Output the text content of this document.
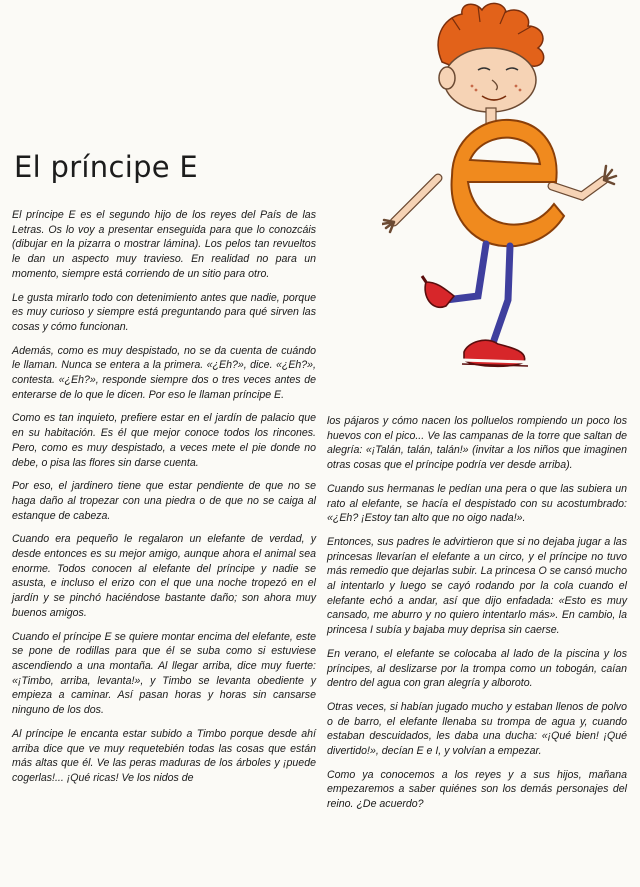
El príncipe E

El príncipe E es el segundo hijo de los reyes del País de las Letras. Os lo voy a presentar enseguida para que lo conozcáis (dibujar en la pizarra o mostrar lámina). Los pelos tan revueltos le dan un aspecto muy travieso. En realidad no para un momento, siempre está corriendo de un sitio para otro.

Le gusta mirarlo todo con detenimiento antes que nadie, porque es muy curioso y siempre está preguntando para qué sirven las cosas y cómo funcionan.

Además, como es muy despistado, no se da cuenta de cuándo le llaman. Nunca se entera a la primera. «¿Eh?», dice. «¿Eh?», contesta. «¿Eh?», responde siempre dos o tres veces antes de enterarse de lo que le dicen. Por eso le llaman príncipe E.

Como es tan inquieto, prefiere estar en el jardín de palacio que en su habitación. Es él que mejor conoce todos los rincones. Pero, como es muy despistado, a veces mete el pie donde no debe, o pisa las flores sin darse cuenta.

Por eso, el jardinero tiene que estar pendiente de que no se haga daño al tropezar con una piedra o de que no se caiga al estanque de cabeza.

Cuando era pequeño le regalaron un elefante de verdad, y desde entonces es su mejor amigo, aunque ahora el animal sea enorme. Todos conocen al elefante del príncipe y nadie se asusta, e incluso el erizo con el que una noche tropezó en el jardín y se pinchó haciéndose bastante daño; son ahora muy buenos amigos.

Cuando el príncipe E se quiere montar encima del elefante, este se pone de rodillas para que él se suba como si estuviese ascendiendo a una montaña. Al llegar arriba, dice muy fuerte: «¡Timbo, arriba, levanta!», y Timbo se levanta obediente y empieza a caminar. Así pasan horas y horas sin cansarse ninguno de los dos.

Al príncipe le encanta estar subido a Timbo porque desde ahí arriba dice que ve muy requetebién todas las cosas que están más altas que él. Ve las peras maduras de los árboles y ¡puede cogerlas!... ¡Qué ricas! Ve los nidos de

los pájaros y cómo nacen los polluelos rompiendo un poco los huevos con el pico... Ve las campanas de la torre que saltan de alegría: «¡Talán, talán, talán!» (invitar a los niños que imaginen otras cosas que el príncipe podría ver desde arriba).

Cuando sus hermanas le pedían una pera o que las subiera un rato al elefante, se hacía el despistado con su acostumbrado: «¿Eh? ¡Estoy tan alto que no oigo nada!».

Entonces, sus padres le advirtieron que si no dejaba jugar a las princesas llevarían el elefante a un circo, y el príncipe no tuvo más remedio que dejarlas subir. La princesa O se cansó mucho al intentarlo y luego se cayó rodando por la cola cuando el elefante echó a andar, así que dijo enfadada: «Esto es muy cansado, me aburro y no quiero intentarlo más». En cambio, la princesa I subía y bajaba muy deprisa sin caerse.

En verano, el elefante se colocaba al lado de la piscina y los príncipes, al deslizarse por la trompa como un tobogán, caían dentro del agua con gran alegría y alboroto.

Otras veces, si habían jugado mucho y estaban llenos de polvo o de barro, el elefante llenaba su trompa de agua y, cuando estaban descuidados, les daba una ducha: «¡Qué bien! ¡Qué divertido!», decían E e I, y volvían a empezar.

Como ya conocemos a los reyes y a sus hijos, mañana empezaremos a saber quiénes son los demás personajes del reino. ¿De acuerdo?
